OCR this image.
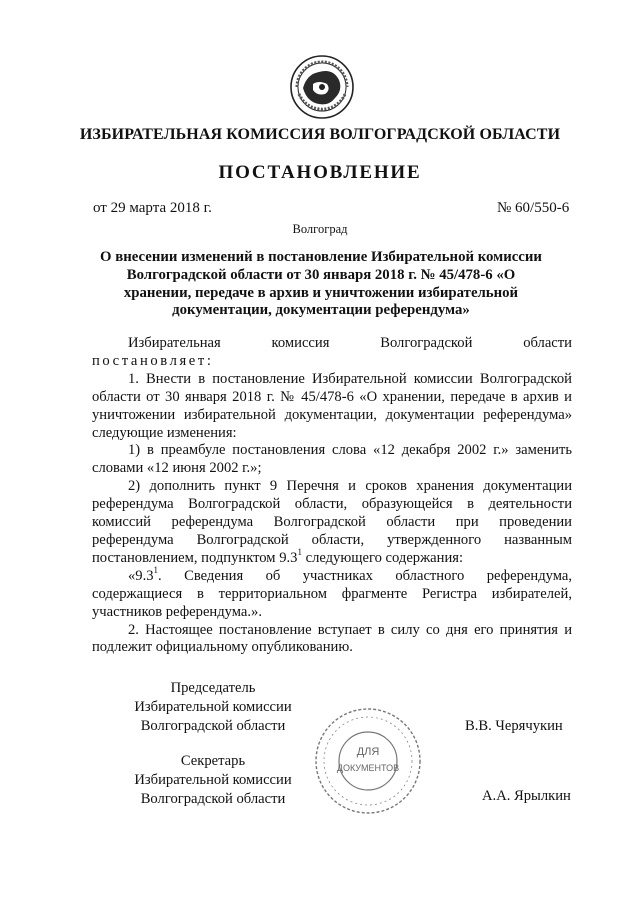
ИЗБИРАТЕЛЬНАЯ КОМИССИЯ ВОЛГОГРАДСКОЙ ОБЛАСТИ
ПОСТАНОВЛЕНИЕ
от 29 марта 2018 г.	№ 60/550-6
Волгоград
О внесении изменений в постановление Избирательной комиссии Волгоградской области от 30 января 2018 г. № 45/478-6 «О хранении, передаче в архив и уничтожении избирательной документации, документации референдума»
Избирательная	комиссия	Волгоградской	области

постановляет:

1. Внести в постановление Избирательной комиссии Волгоградской области от 30 января 2018 г. № 45/478-6 «О хранении, передаче в архив и уничтожении избирательной документации, документации референдума» следующие изменения:

1) в преамбуле постановления слова «12 декабря 2002 г.» заменить словами «12 июня 2002 г.»;

2) дополнить пункт 9 Перечня и сроков хранения документации референдума Волгоградской области, образующейся в деятельности комиссий референдума Волгоградской области при проведении референдума Волгоградской области, утвержденного названным постановлением, подпунктом $9.3^1$ следующего содержания:

«$9.3^1$. Сведения об участниках областного референдума, содержащиеся в территориальном фрагменте Регистра избирателей, участников референдума.».

2. Настоящее постановление вступает в силу со дня его принятия и подлежит официальному опубликованию.

Председатель
Избирательной комиссии
Волгоградской области	В.В. Черячукин
Секретарь
Избирательной комиссии
Волгоградской области	А.А. Ярылкин
ДЛЯ
ДОКУМЕНТОВ
